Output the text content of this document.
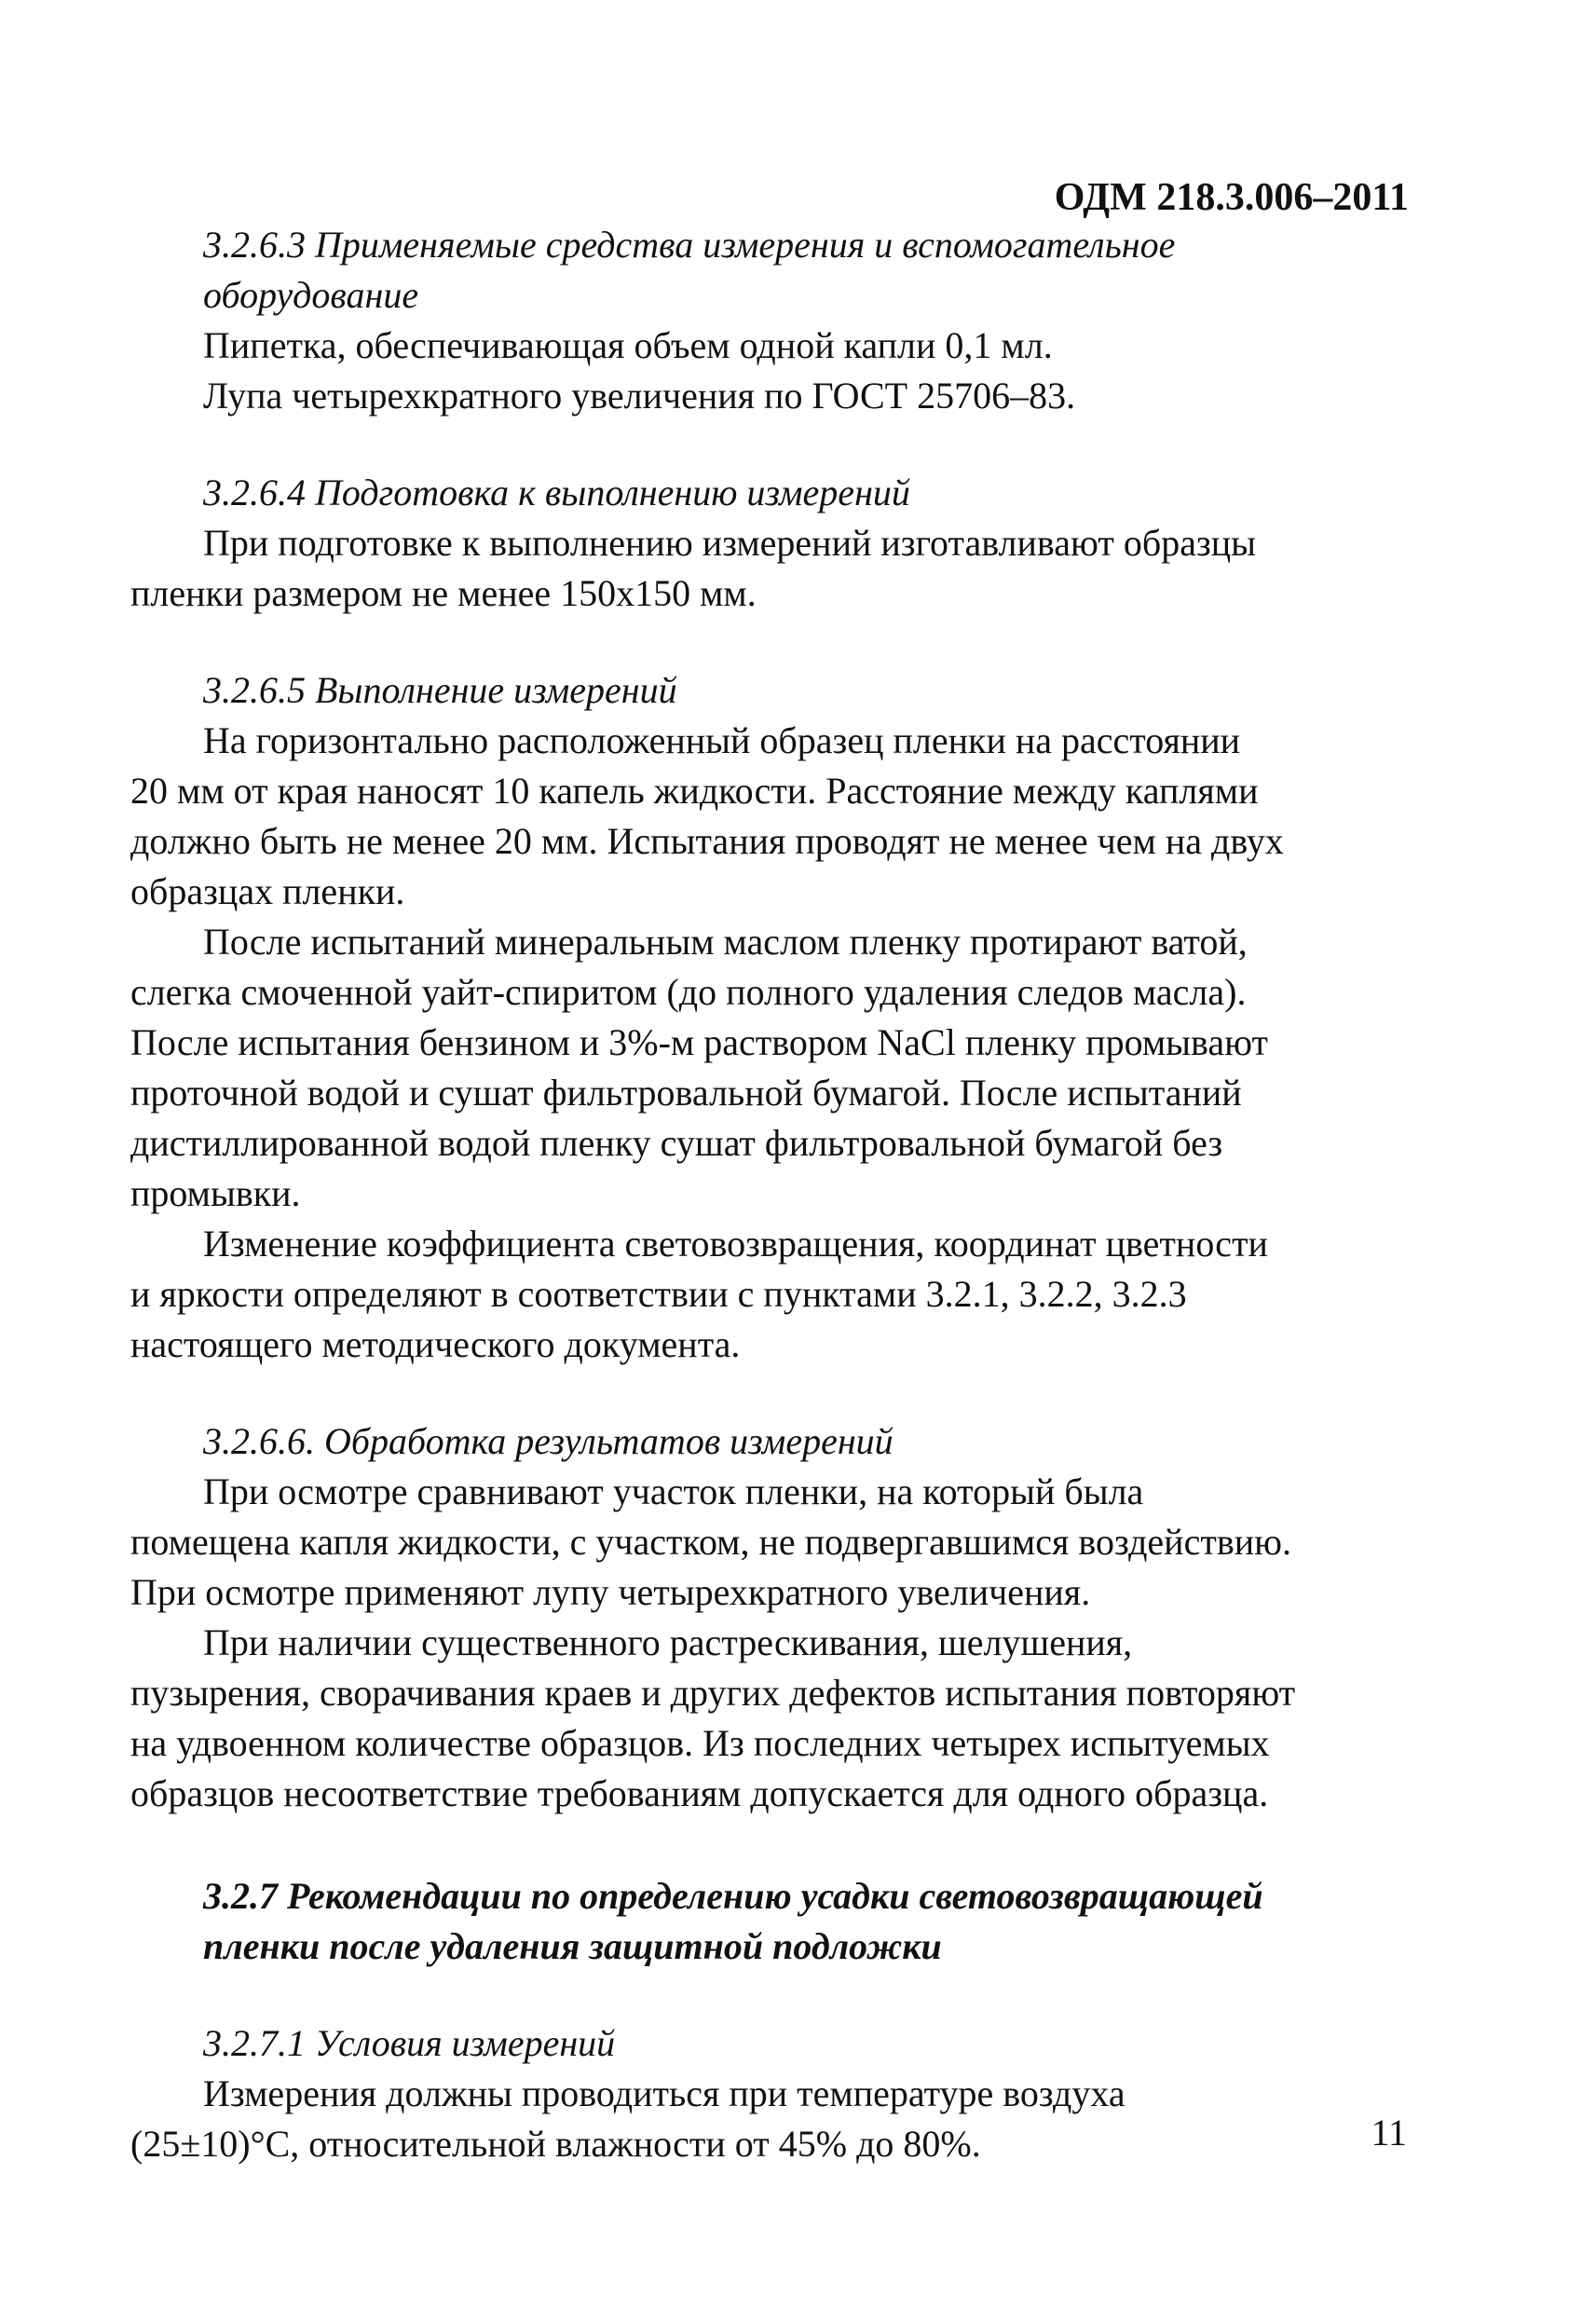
ОДМ 218.3.006–2011
3.2.6.3 Применяемые средства измерения и вспомогательное
оборудование
Пипетка, обеспечивающая объем одной капли 0,1 мл.
Лупа четырехкратного увеличения по ГОСТ 25706–83.
3.2.6.4 Подготовка к выполнению измерений
При подготовке к выполнению измерений изготавливают образцы
пленки размером не менее 150х150 мм.
3.2.6.5 Выполнение измерений
На горизонтально расположенный образец пленки на расстоянии
20 мм от края наносят 10 капель жидкости. Расстояние между каплями
должно быть не менее 20 мм. Испытания проводят не менее чем на двух
образцах пленки.
После испытаний минеральным маслом пленку протирают ватой,
слегка смоченной уайт-спиритом (до полного удаления следов масла).
После испытания бензином и 3%-м раствором NaCl пленку промывают
проточной водой и сушат фильтровальной бумагой. После испытаний
дистиллированной водой пленку сушат фильтровальной бумагой без
промывки.
Изменение коэффициента световозвращения, координат цветности
и яркости определяют в соответствии с пунктами 3.2.1, 3.2.2, 3.2.3
настоящего методического документа.
3.2.6.6. Обработка результатов измерений
При осмотре сравнивают участок пленки, на который была
помещена капля жидкости, с участком, не подвергавшимся воздействию.
При осмотре применяют лупу четырехкратного увеличения.
При наличии существенного растрескивания, шелушения,
пузырения, сворачивания краев и других дефектов испытания повторяют
на удвоенном количестве образцов. Из последних четырех испытуемых
образцов несоответствие требованиям допускается для одного образца.
3.2.7 Рекомендации по определению усадки световозвращающей
пленки после удаления защитной подложки
3.2.7.1 Условия измерений
Измерения должны проводиться при температуре воздуха
(25±10)°С, относительной влажности от 45% до 80%.	11
